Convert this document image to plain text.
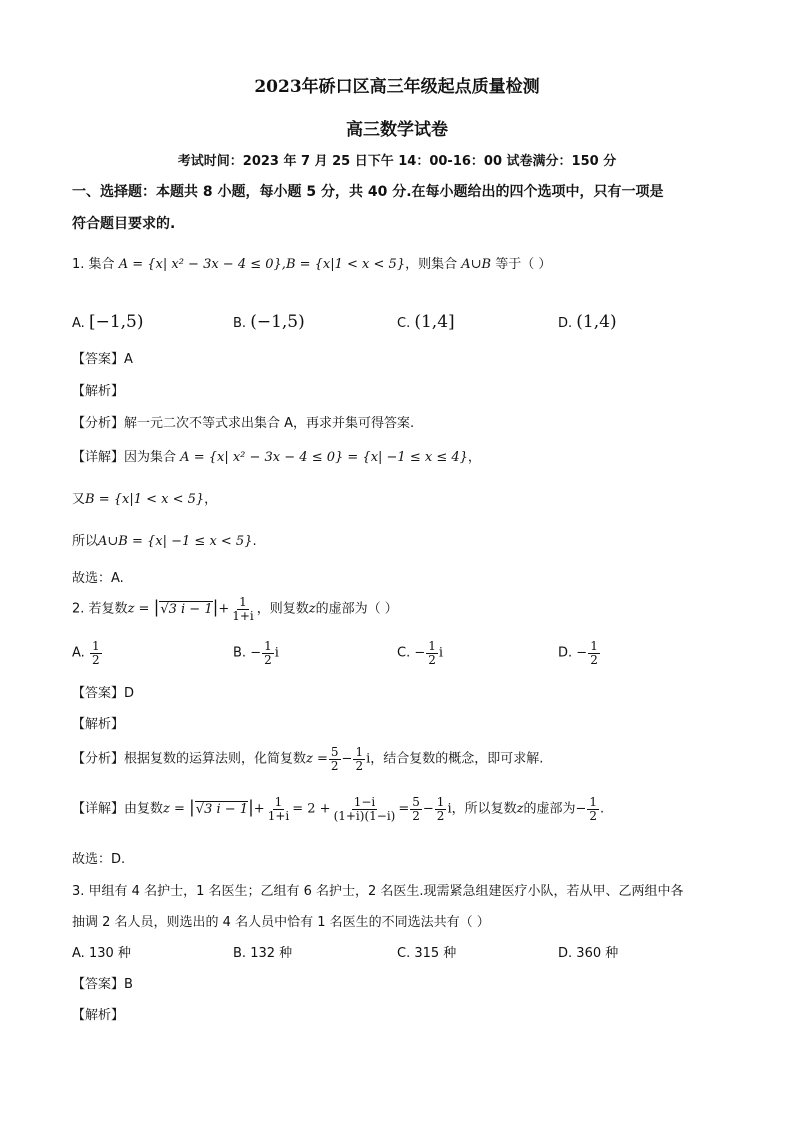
2023年硚口区高三年级起点质量检测
高三数学试卷
考试时间：2023 年 7 月 25 日下午 14：00-16：00 试卷满分：150 分
一、选择题：本题共 8 小题，每小题 5 分，共 40 分.在每小题给出的四个选项中，只有一项是
符合题目要求的.
1. 集合 A = {x| x² − 3x − 4 ≤ 0},B = {x|1 < x < 5}，则集合 A∪B 等于（ ）
A. [−1,5)	B. (−1,5)	C. (1,4]	D. (1,4)
【答案】A
【解析】
【分析】解一元二次不等式求出集合 A，再求并集可得答案.
【详解】因为集合 A = {x| x² − 3x − 4 ≤ 0} = {x| −1 ≤ x ≤ 4}，
又B = {x|1 < x < 5}，
所以A∪B = {x| −1 ≤ x < 5}.
故选：A.
2. 若复数z = |√3 $i - 1|+ \frac{1}{1+i}$ ，则复数z的虚部为（ ）
A. $\frac{1}{2}$	B. − $\frac{1}{2}$ i	C. − $\frac{1}{2}$ i	D. − $\frac{1}{2}$
【答案】D
【解析】
【分析】根据复数的运算法则，化简复数$z = \frac{5}{2} - \frac{1}{2}$ i，结合复数的概念，即可求解.
【详解】由复数z = |√3 $i - 1|+ \frac{1}{1+i} = 2 + \frac{1-i}{(1+i)(1-i)} = \frac{5}{2} - \frac{1}{2}$ i，所以复数z的虚部为− $\frac{1}{2}$ .
故选：D.
3. 甲组有 4 名护士，1 名医生；乙组有 6 名护士，2 名医生.现需紧急组建医疗小队，若从甲、乙两组中各
抽调 2 名人员，则选出的 4 名人员中恰有 1 名医生的不同选法共有（ ）
A. 130 种	B. 132 种	C. 315 种	D. 360 种
【答案】B
【解析】
